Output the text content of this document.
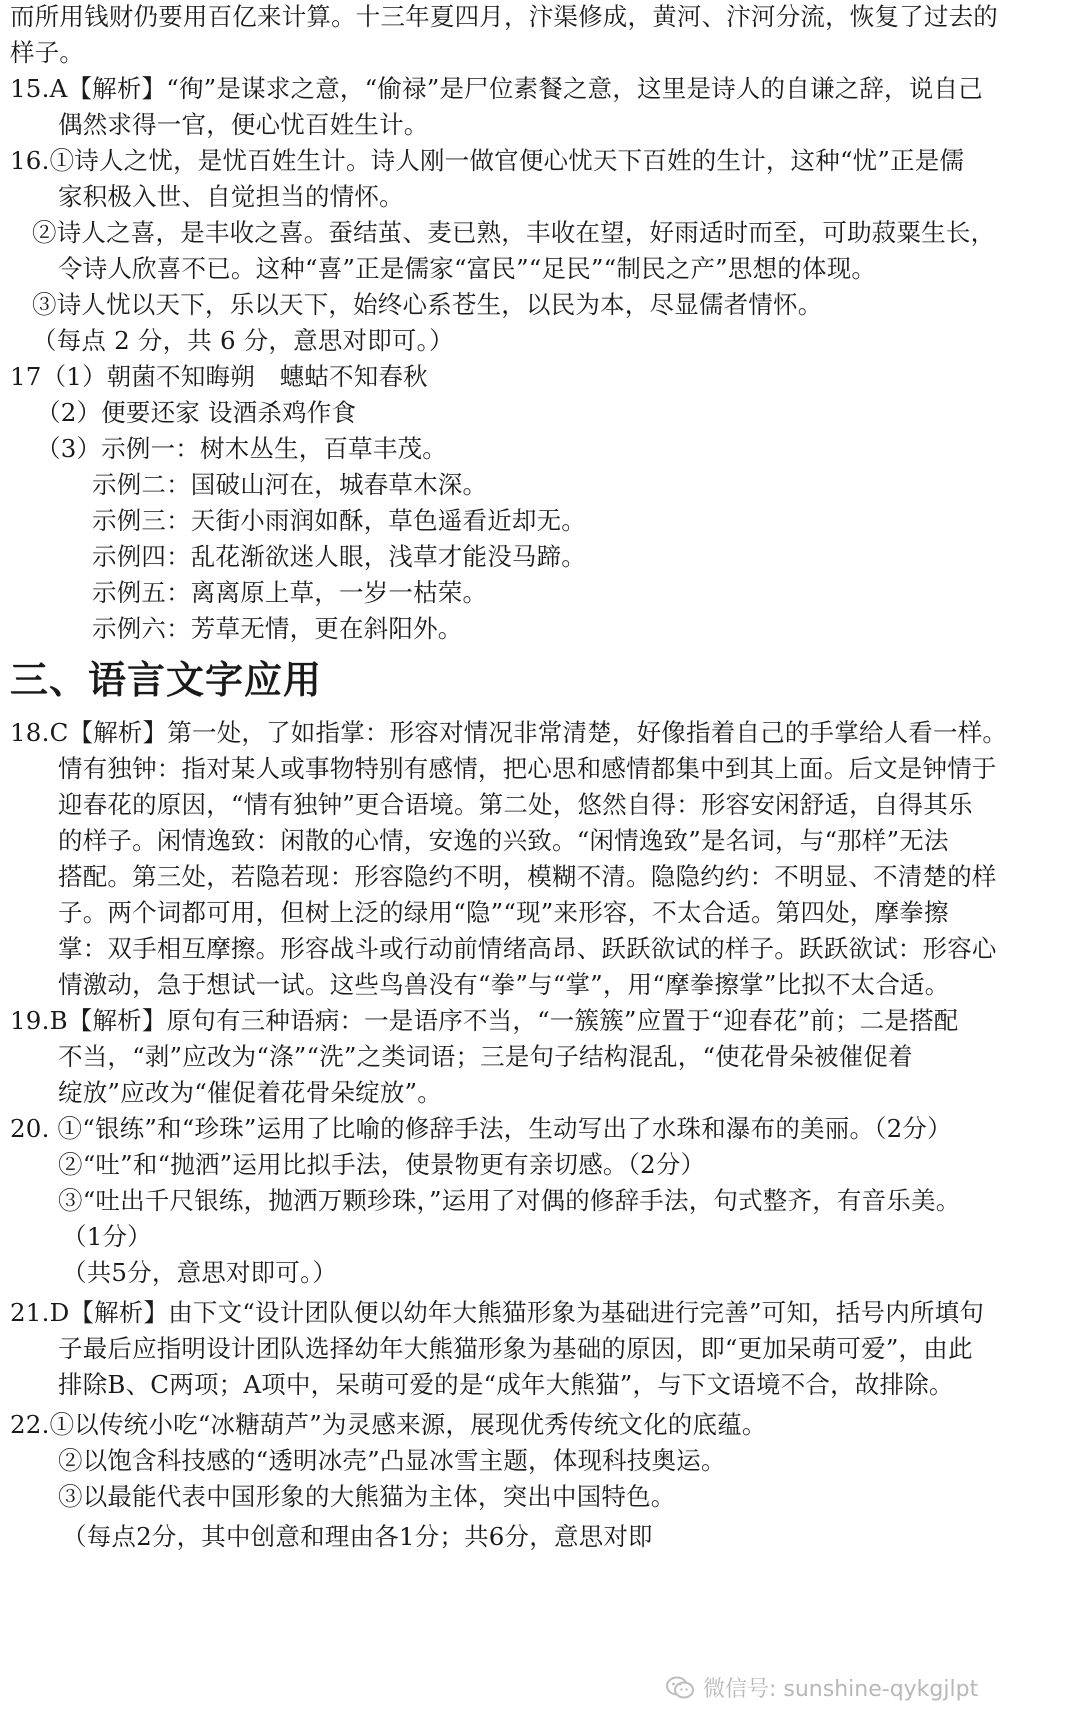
而所用钱财仍要用百亿来计算。十三年夏四月，汴渠修成，黄河、汴河分流，恢复了过去的
样子。
15.A【解析】“徇”是谋求之意，“偷禄”是尸位素餐之意，这里是诗人的自谦之辞，说自己
偶然求得一官，便心忧百姓生计。
16.①诗人之忧，是忧百姓生计。诗人刚一做官便心忧天下百姓的生计，这种“忧”正是儒
家积极入世、自觉担当的情怀。
②诗人之喜，是丰收之喜。蚕结茧、麦已熟，丰收在望，好雨适时而至，可助菽粟生长，
令诗人欣喜不已。这种“喜”正是儒家“富民”“足民”“制民之产”思想的体现。
③诗人忧以天下，乐以天下，始终心系苍生，以民为本，尽显儒者情怀。
（每点 2 分，共 6 分，意思对即可。）
17（1）朝菌不知晦朔　蟪蛄不知春秋
（2）便要还家 设酒杀鸡作食
（3）示例一：树木丛生，百草丰茂。
示例二：国破山河在，城春草木深。
示例三：天街小雨润如酥，草色遥看近却无。
示例四：乱花渐欲迷人眼，浅草才能没马蹄。
示例五：离离原上草，一岁一枯荣。
示例六：芳草无情，更在斜阳外。
三、语言文字应用
18.C【解析】第一处，了如指掌：形容对情况非常清楚，好像指着自己的手掌给人看一样。
情有独钟：指对某人或事物特别有感情，把心思和感情都集中到其上面。后文是钟情于
迎春花的原因，“情有独钟”更合语境。第二处，悠然自得：形容安闲舒适，自得其乐
的样子。闲情逸致：闲散的心情，安逸的兴致。“闲情逸致”是名词，与“那样”无法
搭配。第三处，若隐若现：形容隐约不明，模糊不清。隐隐约约：不明显、不清楚的样
子。两个词都可用，但树上泛的绿用“隐”“现”来形容，不太合适。第四处，摩拳擦
掌：双手相互摩擦。形容战斗或行动前情绪高昂、跃跃欲试的样子。跃跃欲试：形容心
情激动，急于想试一试。这些鸟兽没有“拳”与“掌”，用“摩拳擦掌”比拟不太合适。
19.B【解析】原句有三种语病：一是语序不当，“一簇簇”应置于“迎春花”前；二是搭配
不当，“剥”应改为“涤”“洗”之类词语；三是句子结构混乱，“使花骨朵被催促着
绽放”应改为“催促着花骨朵绽放”。
20. ①“银练”和“珍珠”运用了比喻的修辞手法，生动写出了水珠和瀑布的美丽。（2分）
②“吐”和“抛洒”运用比拟手法，使景物更有亲切感。（2分）
③“吐出千尺银练，抛洒万颗珍珠，”运用了对偶的修辞手法，句式整齐，有音乐美。
（1分）
（共5分，意思对即可。）
21.D【解析】由下文“设计团队便以幼年大熊猫形象为基础进行完善”可知，括号内所填句
子最后应指明设计团队选择幼年大熊猫形象为基础的原因，即“更加呆萌可爱”，由此
排除B、C两项；A项中，呆萌可爱的是“成年大熊猫”，与下文语境不合，故排除。
22.①以传统小吃“冰糖葫芦”为灵感来源，展现优秀传统文化的底蕴。
②以饱含科技感的“透明冰壳”凸显冰雪主题，体现科技奥运。
③以最能代表中国形象的大熊猫为主体，突出中国特色。
（每点2分，其中创意和理由各1分；共6分，意思对即
微信号: sunshine-qykgjlpt
